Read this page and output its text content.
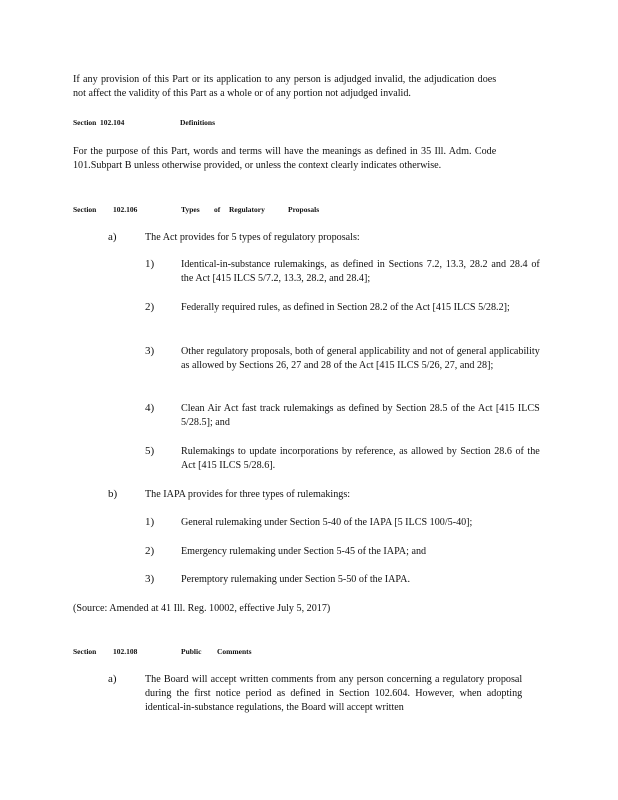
If any provision of this Part or its application to any person is adjudged invalid, the adjudication does not affect the validity of this Part as a whole or of any portion not adjudged invalid.
Section 102.104	Definitions
For the purpose of this Part, words and terms will have the meanings as defined in 35 Ill. Adm. Code 101.Subpart B unless otherwise provided, or unless the context clearly indicates otherwise.
Section 102.106	Types of Regulatory	Proposals
a)	The Act provides for 5 types of regulatory proposals:
1) Identical-in-substance rulemakings, as defined in Sections 7.2, 13.3, 28.2 and 28.4 of the Act [415 ILCS 5/7.2, 13.3, 28.2, and 28.4];
2) Federally required rules, as defined in Section 28.2 of the Act [415 ILCS 5/28.2];
3) Other regulatory proposals, both of general applicability and not of general applicability as allowed by Sections 26, 27 and 28 of the Act [415 ILCS 5/26, 27, and 28];
4) Clean Air Act fast track rulemakings as defined by Section 28.5 of the Act [415 ILCS 5/28.5]; and
5) Rulemakings to update incorporations by reference, as allowed by Section 28.6 of the Act [415 ILCS 5/28.6].
b)	The IAPA provides for three types of rulemakings:
1) General rulemaking under Section 5-40 of the IAPA [5 ILCS 100/5-40];
2) Emergency rulemaking under Section 5-45 of the IAPA; and
3) Peremptory rulemaking under Section 5-50 of the IAPA.
(Source: Amended at 41 Ill. Reg. 10002, effective July 5, 2017)
Section 102.108	Public Comments
a)	The Board will accept written comments from any person concerning a regulatory proposal during the first notice period as defined in Section 102.604. However, when adopting identical-in-substance regulations, the Board will accept written
